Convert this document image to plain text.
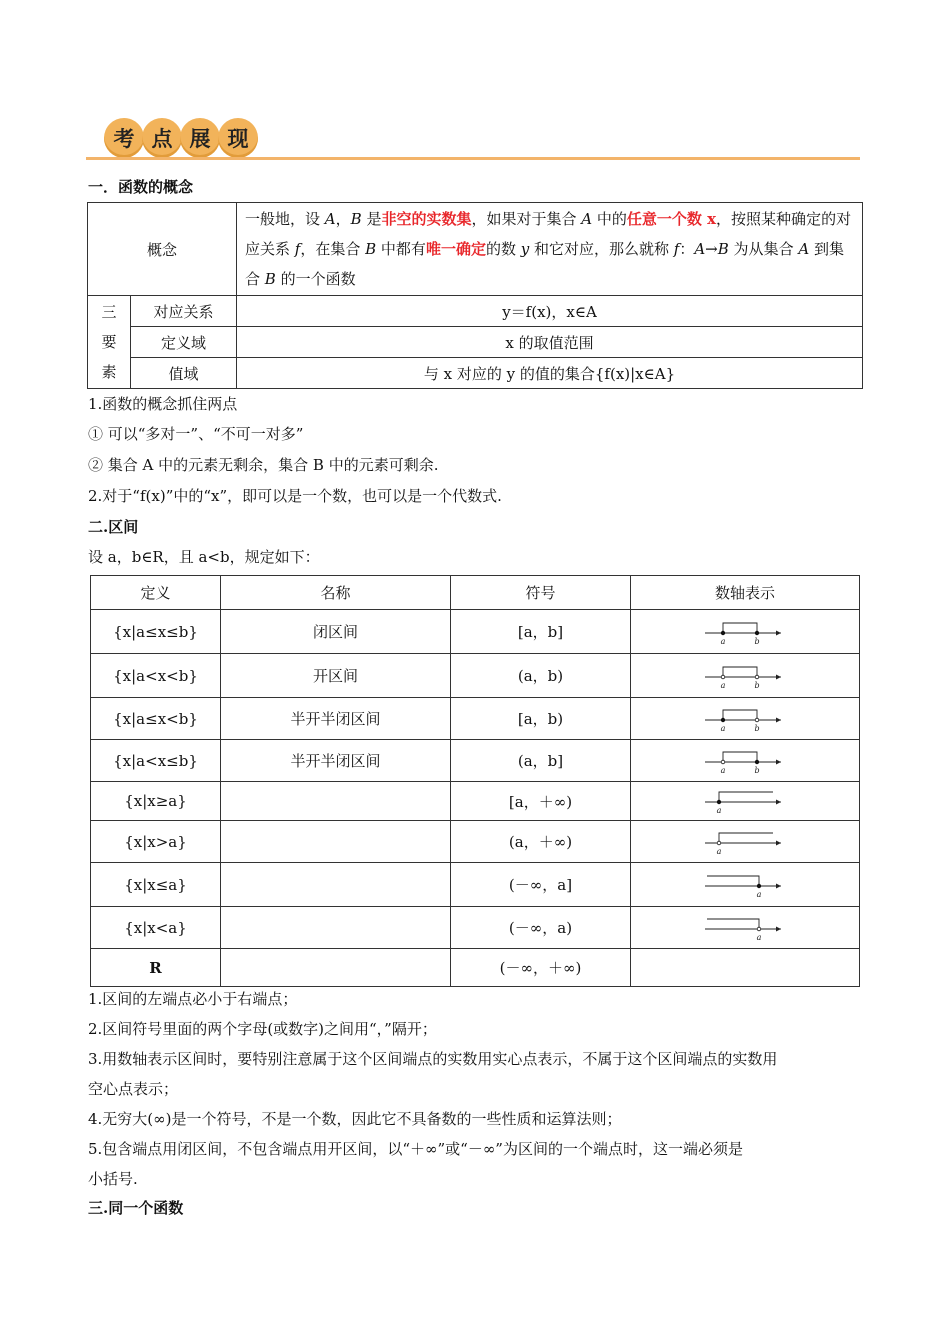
考 点 展 现
一．函数的概念
概念		一般地，设 A，B 是非空的实数集，如果对于集合 A 中的任意一个数 x，按照某种确定的对应关系 f，在集合 B 中都有唯一确定的数 y 和它对应，那么就称 f：A→B 为从集合 A 到集合 B 的一个函数

三
要
素	对应关系	y＝f(x)，x∈A
	定义域	x 的取值范围
	值域	与 x 对应的 y 的值的集合{f(x)|x∈A}
1.函数的概念抓住两点
① 可以“多对一”、“不可一对多”
② 集合 A 中的元素无剩余，集合 B 中的元素可剩余.
2.对于“f(x)”中的“x”，即可以是一个数，也可以是一个代数式.
二.区间
设 a，b∈R，且 a<b，规定如下：
定义	名称	符号	数轴表示
{x|a≤x≤b}	闭区间	[a，b]	a b

{x|a<x<b}	开区间	(a，b)	a b

{x|a≤x<b}	半开半闭区间	[a，b)	a b

{x|a<x≤b}	半开半闭区间	(a，b]	a b

{x|x≥a}		[a，＋∞)	a

{x|x>a}		(a，＋∞)	a

{x|x≤a}		(－∞，a]	a

{x|x<a}		(－∞，a)	a

R		(－∞，＋∞)	
1.区间的左端点必小于右端点；
2.区间符号里面的两个字母(或数字)之间用“，”隔开；
3.用数轴表示区间时，要特别注意属于这个区间端点的实数用实心点表示，不属于这个区间端点的实数用
空心点表示；
4.无穷大(∞)是一个符号，不是一个数，因此它不具备数的一些性质和运算法则；
5.包含端点用闭区间，不包含端点用开区间，以“＋∞”或“－∞”为区间的一个端点时，这一端必须是
小括号.
三.同一个函数
